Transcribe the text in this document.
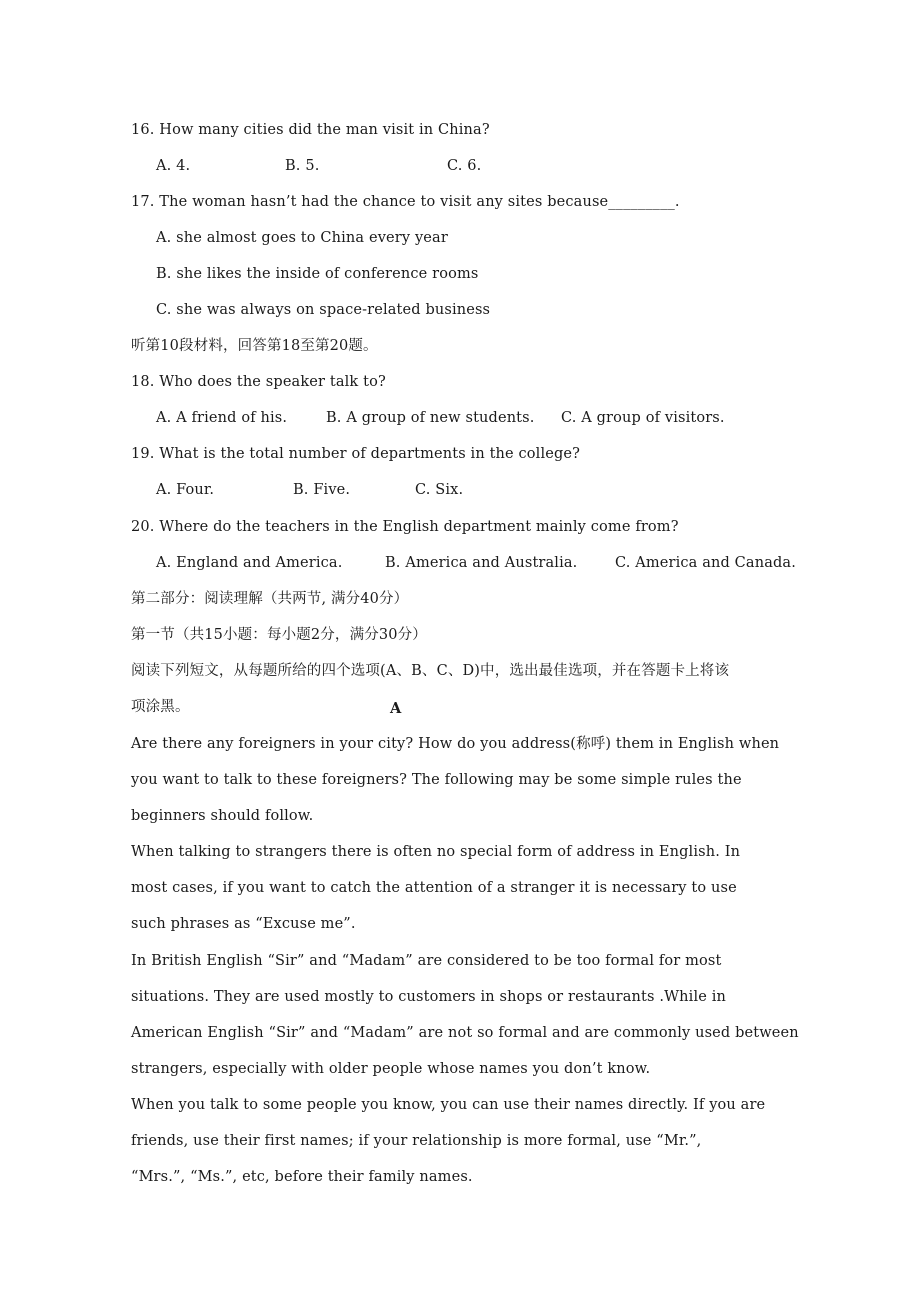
16. How many cities did the man visit in China?
A. 4.	B. 5.	C. 6.
17. The woman hasn’t had the chance to visit any sites because_________.
A. she almost goes to China every year
B. she likes the inside of conference rooms
C. she was always on space-related business
听第10段材料，回答第18至第20题。
18. Who does the speaker talk to?
A. A friend of his.	B. A group of new students.	C. A group of visitors.
19. What is the total number of departments in the college?
A. Four.	B. Five.	C. Six.
20. Where do the teachers in the English department mainly come from?
A. England and America.	B. America and Australia.	C. America and Canada.
第二部分：阅读理解（共两节, 满分40分）
第一节（共15小题：每小题2分，满分30分）
阅读下列短文，从每题所给的四个选项(A、B、C、D)中，选出最佳选项，并在答题卡上将该
项涂黑。	A
Are there any foreigners in your city? How do you address(称呼) them in English when
you want to talk to these foreigners? The following may be some simple rules the
beginners should follow.
When talking to strangers there is often no special form of address in English. In
most cases, if you want to catch the attention of a stranger it is necessary to use
such phrases as “Excuse me”.
In British English “Sir” and “Madam” are considered to be too formal for most
situations. They are used mostly to customers in shops or restaurants .While in
American English “Sir” and “Madam” are not so formal and are commonly used between
strangers, especially with older people whose names you don’t know.
When you talk to some people you know, you can use their names directly. If you are
friends, use their first names; if your relationship is more formal, use “Mr.”,
“Mrs.”, “Ms.”, etc, before their family names.
